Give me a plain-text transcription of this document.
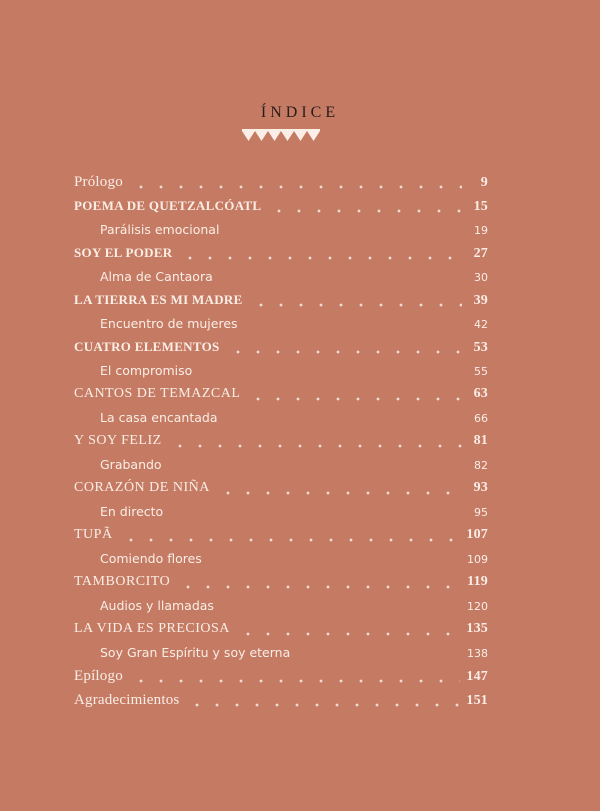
ÍNDICE
Prólogo	9
POEMA DE QUETZALCÓATL	15
Parálisis emocional	19
SOY EL PODER	27
Alma de Cantaora	30
LA TIERRA ES MI MADRE	39
Encuentro de mujeres	42
CUATRO ELEMENTOS	53
El compromiso	55
CANTOS DE TEMAZCAL	63
La casa encantada	66
Y SOY FELIZ	81
Grabando	82
CORAZÓN DE NIÑA	93
En directo	95
TUPÃ	107
Comiendo flores	109
TAMBORCITO	119
Audios y llamadas	120
LA VIDA ES PRECIOSA	135
Soy Gran Espíritu y soy eterna	138
Epílogo	147
Agradecimientos	151
